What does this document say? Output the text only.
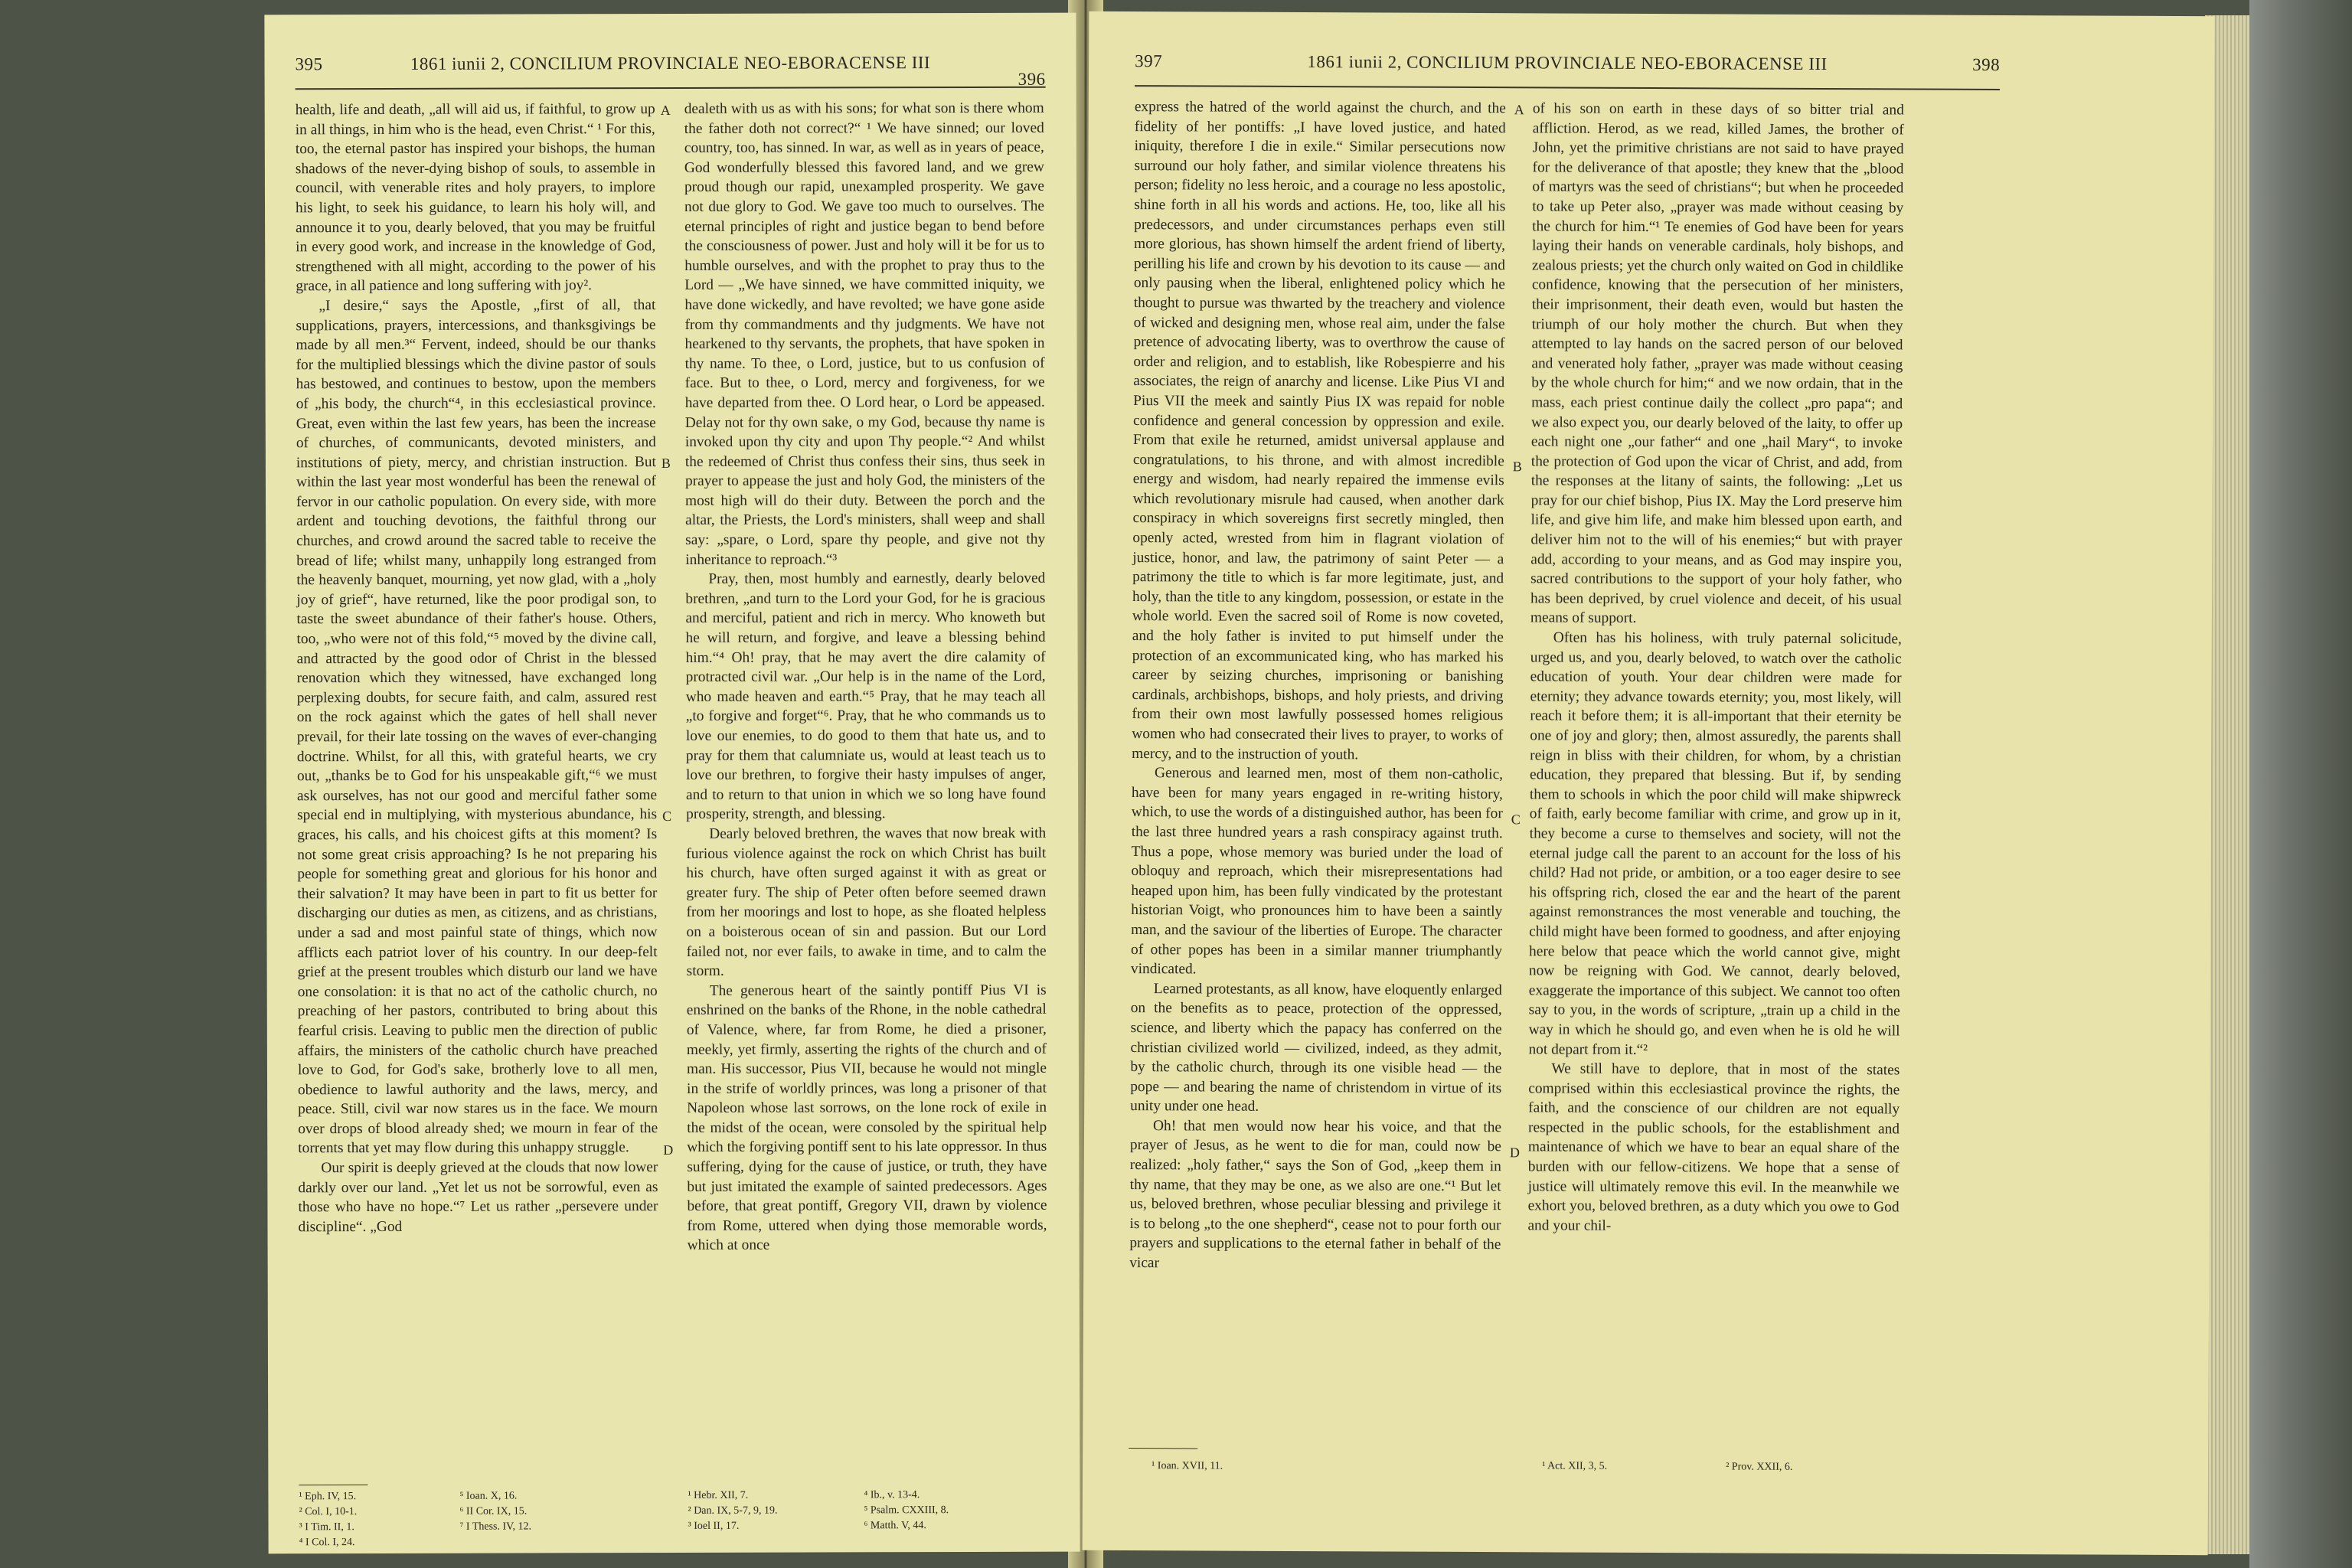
395	1861 iunii 2, CONCILIUM PROVINCIALE NEO-EBORACENSE III
396

health, life and death, „all will aid us, if faithful, to grow up in all things, in him who is the head, even Christ.“ ¹ For this, too, the eternal pastor has inspired your bishops, the human shadows of the never-dying bishop of souls, to assemble in council, with venerable rites and holy prayers, to implore his light, to seek his guidance, to learn his holy will, and announce it to you, dearly beloved, that you may be fruitful in every good work, and increase in the knowledge of God, strengthened with all might, according to the power of his grace, in all patience and long suffering with joy².

„I desire,“ says the Apostle, „first of all, that supplications, prayers, intercessions, and thanksgivings be made by all men.³“ Fervent, indeed, should be our thanks for the multiplied blessings which the divine pastor of souls has bestowed, and continues to bestow, upon the members of „his body, the church“⁴, in this ecclesiastical province. Great, even within the last few years, has been the increase of churches, of communicants, devoted ministers, and institutions of piety, mercy, and christian instruction. But within the last year most wonderful has been the renewal of fervor in our catholic population. On every side, with more ardent and touching devotions, the faithful throng our churches, and crowd around the sacred table to receive the bread of life; whilst many, unhappily long estranged from the heavenly banquet, mourning, yet now glad, with a „holy joy of grief“, have returned, like the poor prodigal son, to taste the sweet abundance of their father's house. Others, too, „who were not of this fold,“⁵ moved by the divine call, and attracted by the good odor of Christ in the blessed renovation which they witnessed, have exchanged long perplexing doubts, for secure faith, and calm, assured rest on the rock against which the gates of hell shall never prevail, for their late tossing on the waves of ever-changing doctrine. Whilst, for all this, with grateful hearts, we cry out, „thanks be to God for his unspeakable gift,“⁶ we must ask ourselves, has not our good and merciful father some special end in multiplying, with mysterious abundance, his graces, his calls, and his choicest gifts at this moment? Is not some great crisis approaching? Is he not preparing his people for something great and glorious for his honor and their salvation? It may have been in part to fit us better for discharging our duties as men, as citizens, and as christians, under a sad and most painful state of things, which now afflicts each patriot lover of his country. In our deep-felt grief at the present troubles which disturb our land we have one consolation: it is that no act of the catholic church, no preaching of her pastors, contributed to bring about this fearful crisis. Leaving to public men the direction of public affairs, the ministers of the catholic church have preached love to God, for God's sake, brotherly love to all men, obedience to lawful authority and the laws, mercy, and peace. Still, civil war now stares us in the face. We mourn over drops of blood already shed; we mourn in fear of the torrents that yet may flow during this unhappy struggle.

Our spirit is deeply grieved at the clouds that now lower darkly over our land. „Yet let us not be sorrowful, even as those who have no hope.“⁷ Let us rather „persevere under discipline“. „God

dealeth with us as with his sons; for what son is there whom the father doth not correct?“ ¹ We have sinned; our loved country, too, has sinned. In war, as well as in years of peace, God wonderfully blessed this favored land, and we grew proud though our rapid, unexampled prosperity. We gave not due glory to God. We gave too much to ourselves. The eternal principles of right and justice began to bend before the consciousness of power. Just and holy will it be for us to humble ourselves, and with the prophet to pray thus to the Lord — „We have sinned, we have committed iniquity, we have done wickedly, and have revolted; we have gone aside from thy commandments and thy judgments. We have not hearkened to thy servants, the prophets, that have spoken in thy name. To thee, o Lord, justice, but to us confusion of face. But to thee, o Lord, mercy and forgiveness, for we have departed from thee. O Lord hear, o Lord be appeased. Delay not for thy own sake, o my God, because thy name is invoked upon thy city and upon Thy people.“² And whilst the redeemed of Christ thus confess their sins, thus seek in prayer to appease the just and holy God, the ministers of the most high will do their duty. Between the porch and the altar, the Priests, the Lord's ministers, shall weep and shall say: „spare, o Lord, spare thy people, and give not thy inheritance to reproach.“³

Pray, then, most humbly and earnestly, dearly beloved brethren, „and turn to the Lord your God, for he is gracious and merciful, patient and rich in mercy. Who knoweth but he will return, and forgive, and leave a blessing behind him.“⁴ Oh! pray, that he may avert the dire calamity of protracted civil war. „Our help is in the name of the Lord, who made heaven and earth.“⁵ Pray, that he may teach all „to forgive and forget“⁶. Pray, that he who commands us to love our enemies, to do good to them that hate us, and to pray for them that calumniate us, would at least teach us to love our brethren, to forgive their hasty impulses of anger, and to return to that union in which we so long have found prosperity, strength, and blessing.

Dearly beloved brethren, the waves that now break with furious violence against the rock on which Christ has built his church, have often surged against it with as great or greater fury. The ship of Peter often before seemed drawn from her moorings and lost to hope, as she floated helpless on a boisterous ocean of sin and passion. But our Lord failed not, nor ever fails, to awake in time, and to calm the storm.

The generous heart of the saintly pontiff Pius VI is enshrined on the banks of the Rhone, in the noble cathedral of Valence, where, far from Rome, he died a prisoner, meekly, yet firmly, asserting the rights of the church and of man. His successor, Pius VII, because he would not mingle in the strife of worldly princes, was long a prisoner of that Napoleon whose last sorrows, on the lone rock of exile in the midst of the ocean, were consoled by the spiritual help which the forgiving pontiff sent to his late oppressor. In thus suffering, dying for the cause of justice, or truth, they have but just imitated the example of sainted predecessors. Ages before, that great pontiff, Gregory VII, drawn by violence from Rome, uttered when dying those memorable words, which at once

A
B
C
D
¹ Eph. IV, 15.
² Col. I, 10-1.
³ I Tim. II, 1.
⁴ I Col. I, 24.
⁵ Ioan. X, 16.
⁶ II Cor. IX, 15.
⁷ I Thess. IV, 12.
¹ Hebr. XII, 7.
² Dan. IX, 5-7, 9, 19.
³ Ioel II, 17.
⁴ Ib., v. 13-4.
⁵ Psalm. CXXIII, 8.
⁶ Matth. V, 44.
397	1861 iunii 2, CONCILIUM PROVINCIALE NEO-EBORACENSE III	398

express the hatred of the world against the church, and the fidelity of her pontiffs: „I have loved justice, and hated iniquity, therefore I die in exile.“ Similar persecutions now surround our holy father, and similar violence threatens his person; fidelity no less heroic, and a courage no less apostolic, shine forth in all his words and actions. He, too, like all his predecessors, and under circumstances perhaps even still more glorious, has shown himself the ardent friend of liberty, perilling his life and crown by his devotion to its cause — and only pausing when the liberal, enlightened policy which he thought to pursue was thwarted by the treachery and violence of wicked and designing men, whose real aim, under the false pretence of advocating liberty, was to overthrow the cause of order and religion, and to establish, like Robespierre and his associates, the reign of anarchy and license. Like Pius VI and Pius VII the meek and saintly Pius IX was repaid for noble confidence and general concession by oppression and exile. From that exile he returned, amidst universal applause and congratulations, to his throne, and with almost incredible energy and wisdom, had nearly repaired the immense evils which revolutionary misrule had caused, when another dark conspiracy in which sovereigns first secretly mingled, then openly acted, wrested from him in flagrant violation of justice, honor, and law, the patrimony of saint Peter — a patrimony the title to which is far more legitimate, just, and holy, than the title to any kingdom, possession, or estate in the whole world. Even the sacred soil of Rome is now coveted, and the holy father is invited to put himself under the protection of an excommunicated king, who has marked his career by seizing churches, imprisoning or banishing cardinals, archbishops, bishops, and holy priests, and driving from their own most lawfully possessed homes religious women who had consecrated their lives to prayer, to works of mercy, and to the instruction of youth.

Generous and learned men, most of them non-catholic, have been for many years engaged in re-writing history, which, to use the words of a distinguished author, has been for the last three hundred years a rash conspiracy against truth. Thus a pope, whose memory was buried under the load of obloquy and reproach, which their misrepresentations had heaped upon him, has been fully vindicated by the protestant historian Voigt, who pronounces him to have been a saintly man, and the saviour of the liberties of Europe. The character of other popes has been in a similar manner triumphantly vindicated.

Learned protestants, as all know, have eloquently enlarged on the benefits as to peace, protection of the oppressed, science, and liberty which the papacy has conferred on the christian civilized world — civilized, indeed, as they admit, by the catholic church, through its one visible head — the pope — and bearing the name of christendom in virtue of its unity under one head.

Oh! that men would now hear his voice, and that the prayer of Jesus, as he went to die for man, could now be realized: „holy father,“ says the Son of God, „keep them in thy name, that they may be one, as we also are one.“¹ But let us, beloved brethren, whose peculiar blessing and privilege it is to belong „to the one shepherd“, cease not to pour forth our prayers and supplications to the eternal father in behalf of the vicar

of his son on earth in these days of so bitter trial and affliction. Herod, as we read, killed James, the brother of John, yet the primitive christians are not said to have prayed for the deliverance of that apostle; they knew that the „blood of martyrs was the seed of christians“; but when he proceeded to take up Peter also, „prayer was made without ceasing by the church for him.“¹ Te enemies of God have been for years laying their hands on venerable cardinals, holy bishops, and zealous priests; yet the church only waited on God in childlike confidence, knowing that the persecution of her ministers, their imprisonment, their death even, would but hasten the triumph of our holy mother the church. But when they attempted to lay hands on the sacred person of our beloved and venerated holy father, „prayer was made without ceasing by the whole church for him;“ and we now ordain, that in the mass, each priest continue daily the collect „pro papa“; and we also expect you, our dearly beloved of the laity, to offer up each night one „our father“ and one „hail Mary“, to invoke the protection of God upon the vicar of Christ, and add, from the responses at the litany of saints, the following: „Let us pray for our chief bishop, Pius IX. May the Lord preserve him life, and give him life, and make him blessed upon earth, and deliver him not to the will of his enemies;“ but with prayer add, according to your means, and as God may inspire you, sacred contributions to the support of your holy father, who has been deprived, by cruel violence and deceit, of his usual means of support.

Often has his holiness, with truly paternal solicitude, urged us, and you, dearly beloved, to watch over the catholic education of youth. Your dear children were made for eternity; they advance towards eternity; you, most likely, will reach it before them; it is all-important that their eternity be one of joy and glory; then, almost assuredly, the parents shall reign in bliss with their children, for whom, by a christian education, they prepared that blessing. But if, by sending them to schools in which the poor child will make shipwreck of faith, early become familiar with crime, and grow up in it, they become a curse to themselves and society, will not the eternal judge call the parent to an account for the loss of his child? Had not pride, or ambition, or a too eager desire to see his offspring rich, closed the ear and the heart of the parent against remonstrances the most venerable and touching, the child might have been formed to goodness, and after enjoying here below that peace which the world cannot give, might now be reigning with God. We cannot, dearly beloved, exaggerate the importance of this subject. We cannot too often say to you, in the words of scripture, „train up a child in the way in which he should go, and even when he is old he will not depart from it.“²

We still have to deplore, that in most of the states comprised within this ecclesiastical province the rights, the faith, and the conscience of our children are not equally respected in the public schools, for the establishment and maintenance of which we have to bear an equal share of the burden with our fellow-citizens. We hope that a sense of justice will ultimately remove this evil. In the meanwhile we exhort you, beloved brethren, as a duty which you owe to God and your chil-

A
B
C
D
¹ Ioan. XVII, 11.	¹ Act. XII, 3, 5.	² Prov. XXII, 6.
